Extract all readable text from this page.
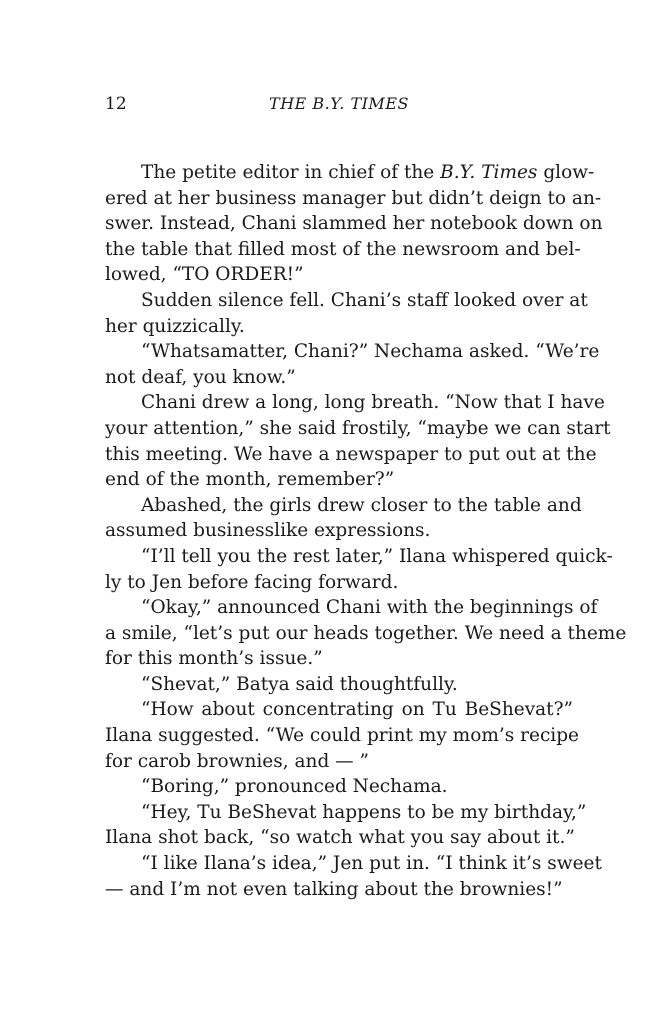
12	THE B.Y. TIMES
The petite editor in chief of the B.Y. Times glow-
ered at her business manager but didn’t deign to an-
swer. Instead, Chani slammed her notebook down on
the table that filled most of the newsroom and bel-
lowed, “TO ORDER!”
Sudden silence fell. Chani’s staff looked over at
her quizzically.
“Whatsamatter, Chani?” Nechama asked. “We’re
not deaf, you know.”
Chani drew a long, long breath. “Now that I have
your attention,” she said frostily, “maybe we can start
this meeting. We have a newspaper to put out at the
end of the month, remember?”
Abashed, the girls drew closer to the table and
assumed businesslike expressions.
“I’ll tell you the rest later,” Ilana whispered quick-
ly to Jen before facing forward.
“Okay,” announced Chani with the beginnings of
a smile, “let’s put our heads together. We need a theme
for this month’s issue.”
“Shevat,” Batya said thoughtfully.
“How about concentrating on Tu BeShevat?”
Ilana suggested. “We could print my mom’s recipe
for carob brownies, and — ”
“Boring,” pronounced Nechama.
“Hey, Tu BeShevat happens to be my birthday,”
Ilana shot back, “so watch what you say about it.”
“I like Ilana’s idea,” Jen put in. “I think it’s sweet
— and I’m not even talking about the brownies!”
